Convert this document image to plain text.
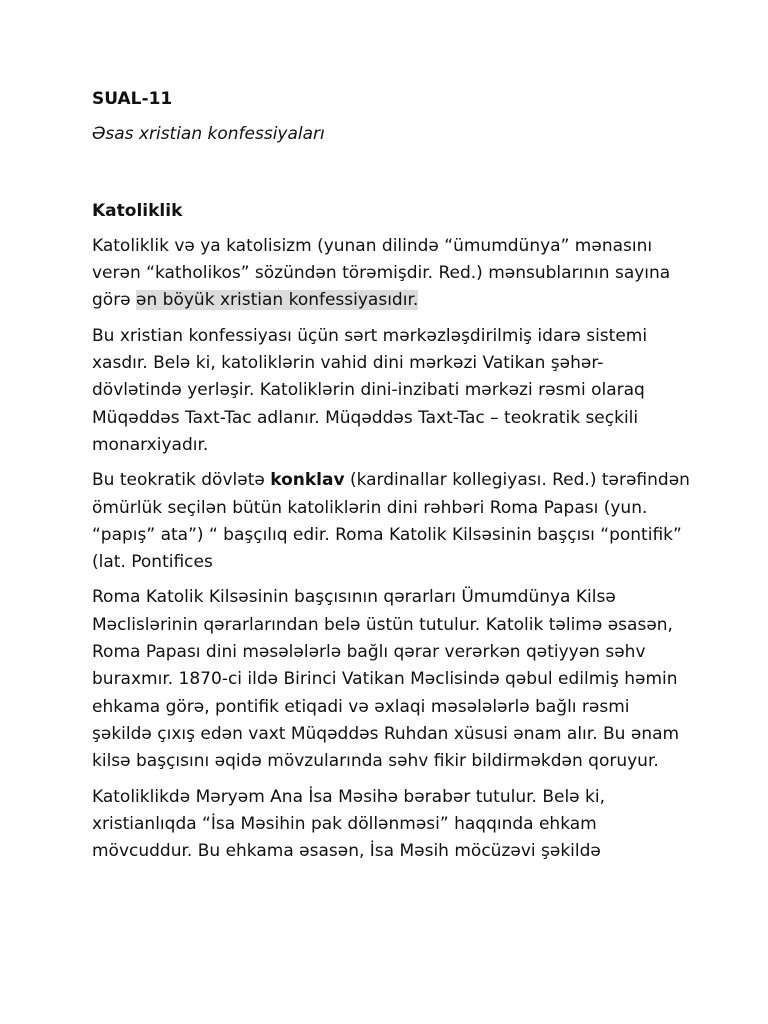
SUAL-11

Əsas xristian konfessiyaları

Katoliklik

Katoliklik və ya katolisizm (yunan dilində “ümumdünya” mənasını verən “katholikos” sözündən törəmişdir. Red.) mənsublarının sayına görə ən böyük xristian konfessiyasıdır.

Bu xristian konfessiyası üçün sərt mərkəzləşdirilmiş idarə sistemi xasdır. Belə ki, katoliklərin vahid dini mərkəzi Vatikan şəhər-dövlətində yerləşir. Katoliklərin dini-inzibati mərkəzi rəsmi olaraq Müqəddəs Taxt-Tac adlanır. Müqəddəs Taxt-Tac – teokratik seçkili monarxiyadır.

Bu teokratik dövlətə konklav (kardinallar kollegiyası. Red.) tərəfindən ömürlük seçilən bütün katoliklərin dini rəhbəri Roma Papası (yun. “papış” ata”) “ başçılıq edir. Roma Katolik Kilsəsinin başçısı “pontifik” (lat. Pontifices

Roma Katolik Kilsəsinin başçısının qərarları Ümumdünya Kilsə Məclislərinin qərarlarından belə üstün tutulur. Katolik təlimə əsasən, Roma Papası dini məsələlərlə bağlı qərar verərkən qətiyyən səhv buraxmır. 1870-ci ildə Birinci Vatikan Məclisində qəbul edilmiş həmin ehkama görə, pontifik etiqadi və əxlaqi məsələlərlə bağlı rəsmi şəkildə çıxış edən vaxt Müqəddəs Ruhdan xüsusi ənam alır. Bu ənam kilsə başçısını əqidə mövzularında səhv fikir bildirməkdən qoruyur.

Katoliklikdə Məryəm Ana İsa Məsihə bərabər tutulur. Belə ki, xristianlıqda “İsa Məsihin pak döllənməsi” haqqında ehkam mövcuddur. Bu ehkama əsasən, İsa Məsih möcüzəvi şəkildə
